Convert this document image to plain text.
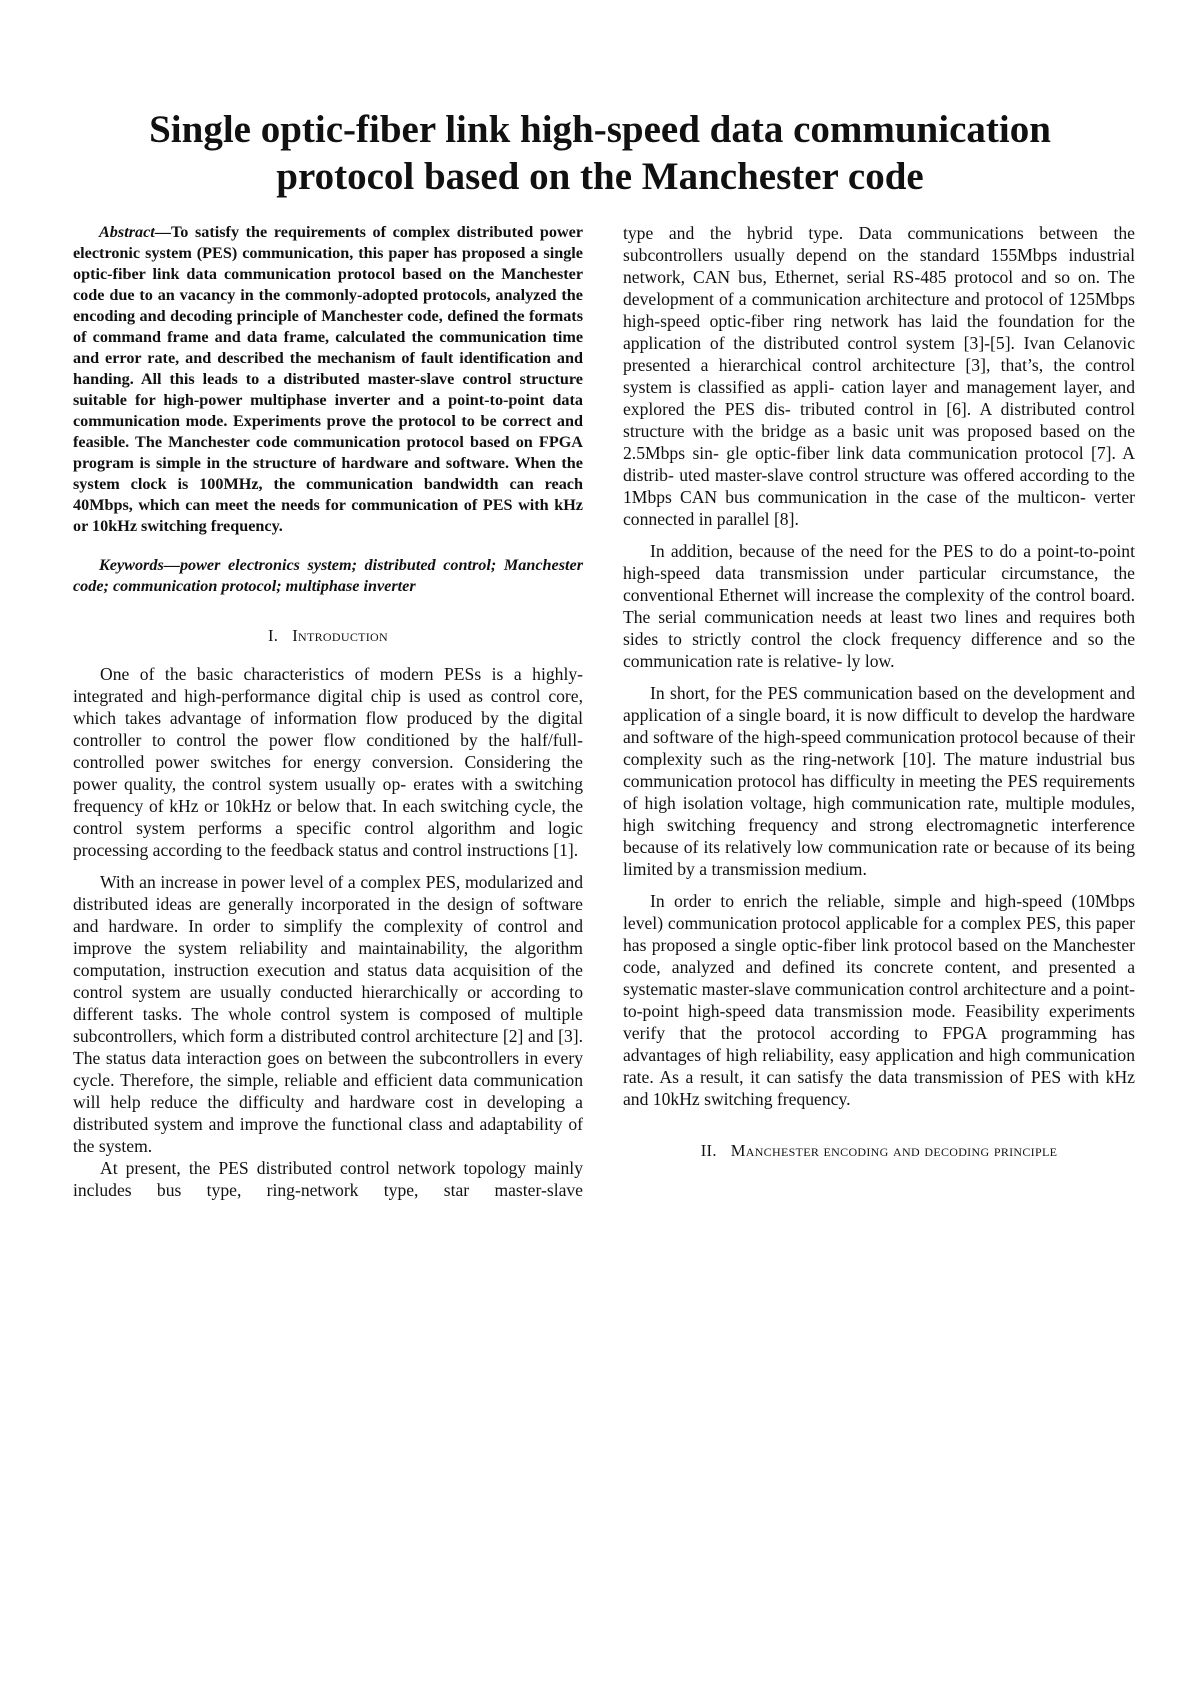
Single optic-fiber link high-speed data communication
protocol based on the Manchester code

Abstract—To satisfy the requirements of complex distributed power electronic system (PES) communication, this paper has proposed a single optic-fiber link data communication protocol based on the Manchester code due to an vacancy in the commonly-adopted protocols, analyzed the encoding and decoding principle of Manchester code, defined the formats of command frame and data frame, calculated the communication time and error rate, and described the mechanism of fault identification and handing. All this leads to a distributed master-slave control structure suitable for high-power multiphase inverter and a point-to-point data communication mode. Experiments prove the protocol to be correct and feasible. The Manchester code communication protocol based on FPGA program is simple in the structure of hardware and software. When the system clock is 100MHz, the communication bandwidth can reach 40Mbps, which can meet the needs for communication of PES with kHz or 10kHz switching frequency.

Keywords—power electronics system; distributed control; Manchester code; communication protocol; multiphase inverter

I. Introduction

One of the basic characteristics of modern PESs is a highly- integrated and high-performance digital chip is used as control core, which takes advantage of information flow produced by the digital controller to control the power flow conditioned by the half/full-controlled power switches for energy conversion. Considering the power quality, the control system usually op- erates with a switching frequency of kHz or 10kHz or below that. In each switching cycle, the control system performs a specific control algorithm and logic processing according to the feedback status and control instructions [1].

With an increase in power level of a complex PES, modularized and distributed ideas are generally incorporated in the design of software and hardware. In order to simplify the complexity of control and improve the system reliability and maintainability, the algorithm computation, instruction execution and status data acquisition of the control system are usually conducted hierarchically or according to different tasks. The whole control system is composed of multiple subcontrollers, which form a distributed control architecture [2] and [3]. The status data interaction goes on between the subcontrollers in every cycle. Therefore, the simple, reliable and efficient data communication will help reduce the difficulty and hardware cost in developing a distributed system and improve the functional class and adaptability of the system.

At present, the PES distributed control network topology mainly includes bus type, ring-network type, star master-slave

type and the hybrid type. Data communications between the subcontrollers usually depend on the standard 155Mbps industrial network, CAN bus, Ethernet, serial RS-485 protocol and so on. The development of a communication architecture and protocol of 125Mbps high-speed optic-fiber ring network has laid the foundation for the application of the distributed control system [3]-[5]. Ivan Celanovic presented a hierarchical control architecture [3], that’s, the control system is classified as appli- cation layer and management layer, and explored the PES dis- tributed control in [6]. A distributed control structure with the bridge as a basic unit was proposed based on the 2.5Mbps sin- gle optic-fiber link data communication protocol [7]. A distrib- uted master-slave control structure was offered according to the 1Mbps CAN bus communication in the case of the multicon- verter connected in parallel [8].

In addition, because of the need for the PES to do a point-to-point high-speed data transmission under particular circumstance, the conventional Ethernet will increase the complexity of the control board. The serial communication needs at least two lines and requires both sides to strictly control the clock frequency difference and so the communication rate is relative- ly low.

In short, for the PES communication based on the development and application of a single board, it is now difficult to develop the hardware and software of the high-speed communication protocol because of their complexity such as the ring-network [10]. The mature industrial bus communication protocol has difficulty in meeting the PES requirements of high isolation voltage, high communication rate, multiple modules, high switching frequency and strong electromagnetic interference because of its relatively low communication rate or because of its being limited by a transmission medium.

In order to enrich the reliable, simple and high-speed (10Mbps level) communication protocol applicable for a complex PES, this paper has proposed a single optic-fiber link protocol based on the Manchester code, analyzed and defined its concrete content, and presented a systematic master-slave communication control architecture and a point-to-point high-speed data transmission mode. Feasibility experiments verify that the protocol according to FPGA programming has advantages of high reliability, easy application and high communication rate. As a result, it can satisfy the data transmission of PES with kHz and 10kHz switching frequency.

II. Manchester encoding and decoding principle
